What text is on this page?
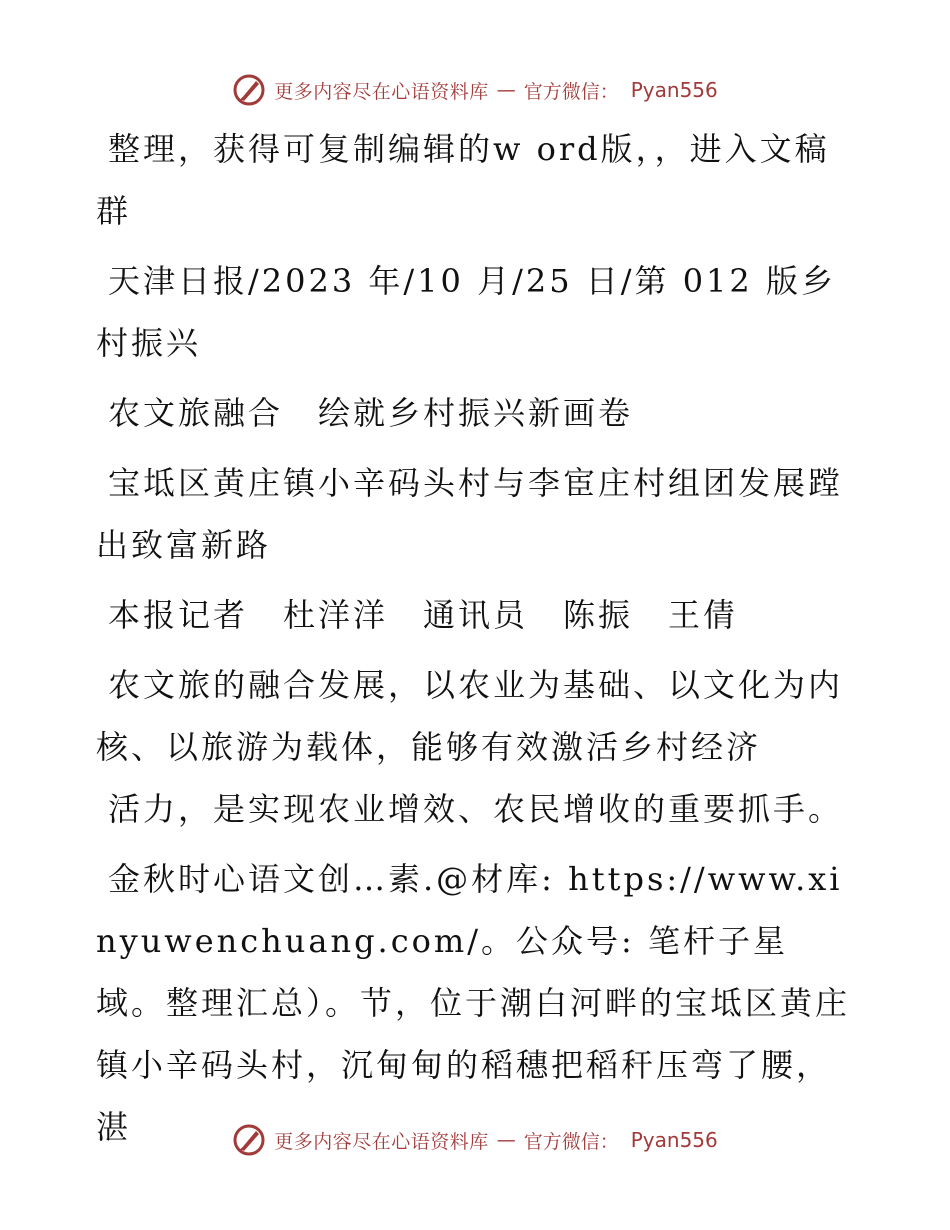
更多内容尽在心语资料库 — 官方微信： Pyan556

整理，获得可复制编辑的w ord版，，进入文稿群

天津日报/2023 年/10 月/25 日/第 012 版乡村振兴

农文旅融合　绘就乡村振兴新画卷

宝坻区黄庄镇小辛码头村与李宦庄村组团发展蹚出致富新路

本报记者　杜洋洋　通讯员　陈振　王倩

农文旅的融合发展，以农业为基础、以文化为内核、以旅游为载体，能够有效激活乡村经济

活力，是实现农业增效、农民增收的重要抓手。

金秋时心语文创…素.@材库: https://www.xinyuwenchuang.com/。公众号: 笔杆子星域。整理汇总）。节，位于潮白河畔的宝坻区黄庄镇小辛码头村，沉甸甸的稻穗把稻秆压弯了腰，湛	更多内容尽在心语资料库 — 官方微信： Pyan556
